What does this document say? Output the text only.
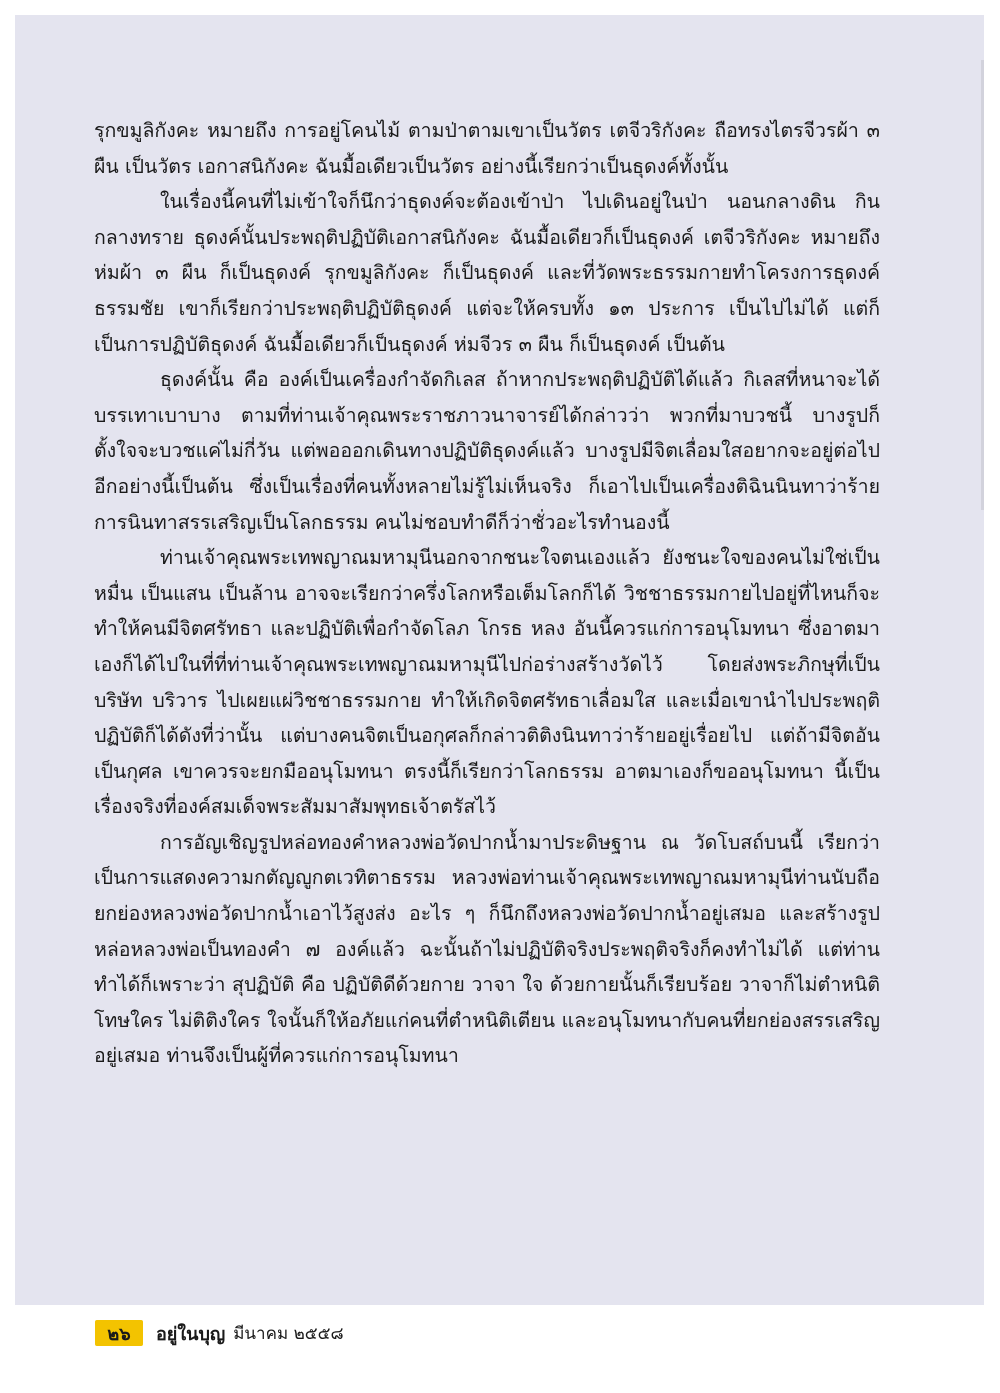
รุกขมูลิกังคะ หมายถึง การอยู่โคนไม้ ตามป่าตามเขาเป็นวัตร เตจีวริกังคะ ถือทรงไตรจีวรผ้า ๓ ผืน เป็นวัตร เอกาสนิกังคะ ฉันมื้อเดียวเป็นวัตร อย่างนี้เรียกว่าเป็นธุดงค์ทั้งนั้น

ในเรื่องนี้คนที่ไม่เข้าใจก็นึกว่าธุดงค์จะต้องเข้าป่า ไปเดินอยู่ในป่า นอนกลางดิน กินกลางทราย ธุดงค์นั้นประพฤติปฏิบัติเอกาสนิกังคะ ฉันมื้อเดียวก็เป็นธุดงค์ เตจีวริกังคะ หมายถึง ห่มผ้า ๓ ผืน ก็เป็นธุดงค์ รุกขมูลิกังคะ ก็เป็นธุดงค์ และที่วัดพระธรรมกายทำโครงการธุดงค์ธรรมชัย เขาก็เรียกว่าประพฤติปฏิบัติธุดงค์ แต่จะให้ครบทั้ง ๑๓ ประการ เป็นไปไม่ได้ แต่ก็เป็นการปฏิบัติธุดงค์ ฉันมื้อเดียวก็เป็นธุดงค์ ห่มจีวร ๓ ผืน ก็เป็นธุดงค์ เป็นต้น

ธุดงค์นั้น คือ องค์เป็นเครื่องกำจัดกิเลส ถ้าหากประพฤติปฏิบัติได้แล้ว กิเลสที่หนาจะได้บรรเทาเบาบาง ตามที่ท่านเจ้าคุณพระราชภาวนาจารย์ได้กล่าวว่า พวกที่มาบวชนี้ บางรูปก็ตั้งใจจะบวชแค่ไม่กี่วัน แต่พอออกเดินทางปฏิบัติธุดงค์แล้ว บางรูปมีจิตเลื่อมใสอยากจะอยู่ต่อไปอีกอย่างนี้เป็นต้น ซึ่งเป็นเรื่องที่คนทั้งหลายไม่รู้ไม่เห็นจริง ก็เอาไปเป็นเครื่องติฉินนินทาว่าร้าย การนินทาสรรเสริญเป็นโลกธรรม คนไม่ชอบทำดีก็ว่าชั่วอะไรทำนองนี้

ท่านเจ้าคุณพระเทพญาณมหามุนีนอกจากชนะใจตนเองแล้ว ยังชนะใจของคนไม่ใช่เป็นหมื่น เป็นแสน เป็นล้าน อาจจะเรียกว่าครึ่งโลกหรือเต็มโลกก็ได้ วิชชาธรรมกายไปอยู่ที่ไหนก็จะทำให้คนมีจิตศรัทธา และปฏิบัติเพื่อกำจัดโลภ โกรธ หลง อันนี้ควรแก่การอนุโมทนา ซึ่งอาตมาเองก็ได้ไปในที่ที่ท่านเจ้าคุณพระเทพญาณมหามุนีไปก่อร่างสร้างวัดไว้ โดยส่งพระภิกษุที่เป็นบริษัท บริวาร ไปเผยแผ่วิชชาธรรมกาย ทำให้เกิดจิตศรัทธาเลื่อมใส และเมื่อเขานำไปประพฤติปฏิบัติก็ได้ดังที่ว่านั้น แต่บางคนจิตเป็นอกุศลก็กล่าวติติงนินทาว่าร้ายอยู่เรื่อยไป แต่ถ้ามีจิตอันเป็นกุศล เขาควรจะยกมืออนุโมทนา ตรงนี้ก็เรียกว่าโลกธรรม อาตมาเองก็ขออนุโมทนา นี้เป็นเรื่องจริงที่องค์สมเด็จพระสัมมาสัมพุทธเจ้าตรัสไว้

การอัญเชิญรูปหล่อทองคำหลวงพ่อวัดปากน้ำมาประดิษฐาน ณ วัดโบสถ์บนนี้ เรียกว่าเป็นการแสดงความกตัญญูกตเวทิตาธรรม หลวงพ่อท่านเจ้าคุณพระเทพญาณมหามุนีท่านนับถือยกย่องหลวงพ่อวัดปากน้ำเอาไว้สูงส่ง อะไร ๆ ก็นึกถึงหลวงพ่อวัดปากน้ำอยู่เสมอ และสร้างรูปหล่อหลวงพ่อเป็นทองคำ ๗ องค์แล้ว ฉะนั้นถ้าไม่ปฏิบัติจริงประพฤติจริงก็คงทำไม่ได้ แต่ท่านทำได้ก็เพราะว่า สุปฏิบัติ คือ ปฏิบัติดีด้วยกาย วาจา ใจ ด้วยกายนั้นก็เรียบร้อย วาจาก็ไม่ตำหนิติโทษใคร ไม่ติติงใคร ใจนั้นก็ให้อภัยแก่คนที่ตำหนิติเตียน และอนุโมทนากับคนที่ยกย่องสรรเสริญอยู่เสมอ ท่านจึงเป็นผู้ที่ควรแก่การอนุโมทนา

๒๖	อยู่ในบุญ มีนาคม ๒๕๕๘
